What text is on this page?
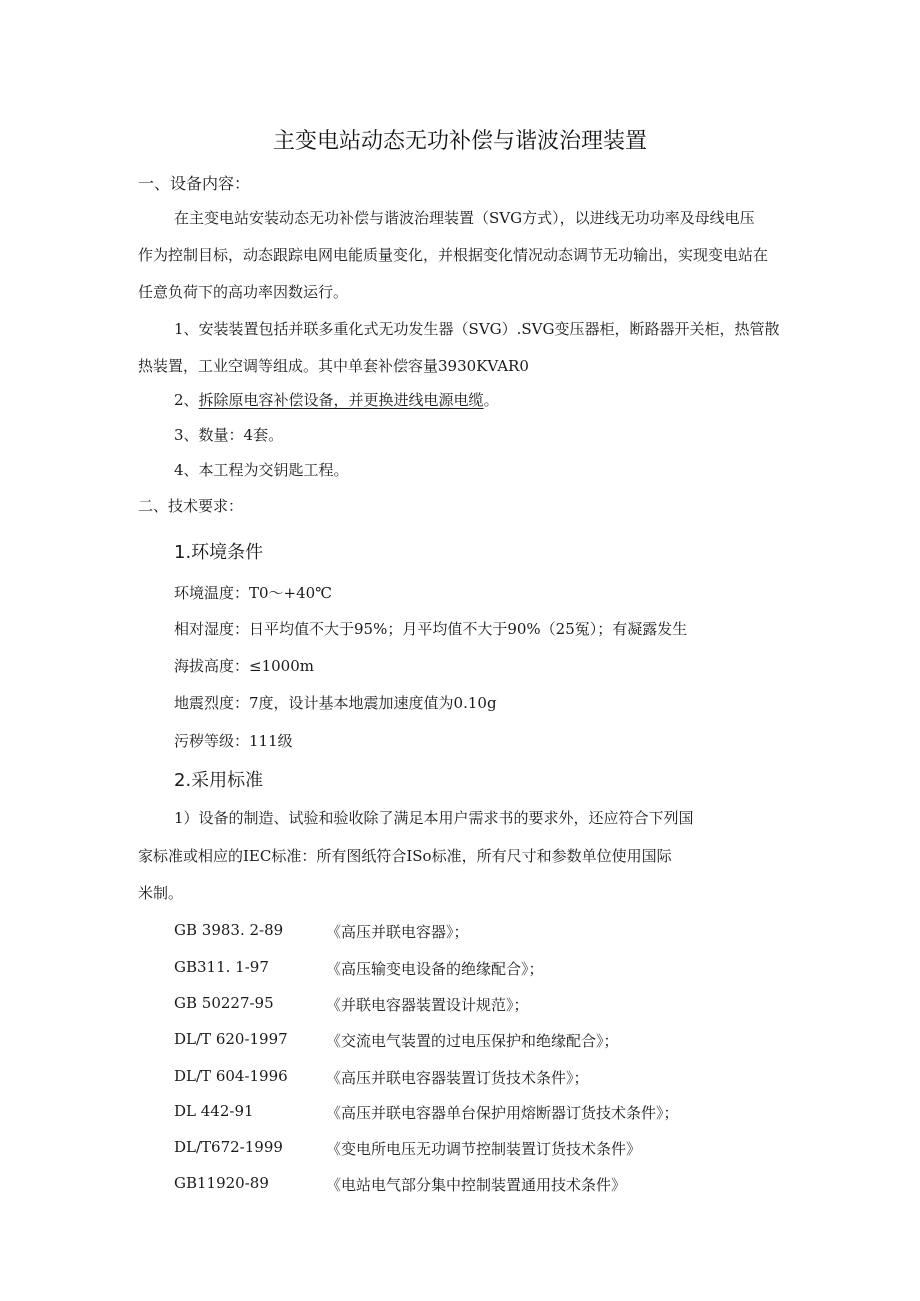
主变电站动态无功补偿与谐波治理装置
一、设备内容：
在主变电站安装动态无功补偿与谐波治理装置（SVG方式），以进线无功功率及母线电压
作为控制目标，动态跟踪电网电能质量变化，并根据变化情况动态调节无功输出，实现变电站在
任意负荷下的高功率因数运行。
1、安装装置包括并联多重化式无功发生器（SVG）.SVG变压器柜，断路器开关柜，热管散
热装置，工业空调等组成。其中单套补偿容量3930KVAR0
2、拆除原电容补偿设备，并更换进线电源电缆。
3、数量：4套。
4、本工程为交钥匙工程。
二、技术要求：
1.环境条件
环境温度：T0～+40℃
相对湿度：日平均值不大于95%；月平均值不大于90%（25冤）；有凝露发生
海拔高度：≤1000m
地震烈度：7度，设计基本地震加速度值为0.10g
污秽等级：111级
2.采用标准
1）设备的制造、试验和验收除了满足本用户需求书的要求外，还应符合下列国
家标准或相应的IEC标准：所有图纸符合ISo标准，所有尺寸和参数单位使用国际
米制。
GB 3983. 2-89	《高压并联电容器》；
GB311. 1-97	《高压输变电设备的绝缘配合》；
GB 50227-95	《并联电容器装置设计规范》；
DL/T 620-1997	《交流电气装置的过电压保护和绝缘配合》；
DL/T 604-1996	《高压并联电容器装置订货技术条件》；
DL 442-91	《高压并联电容器单台保护用熔断器订货技术条件》；
DL/T672-1999	《变电所电压无功调节控制装置订货技术条件》
GB11920-89	《电站电气部分集中控制装置通用技术条件》
